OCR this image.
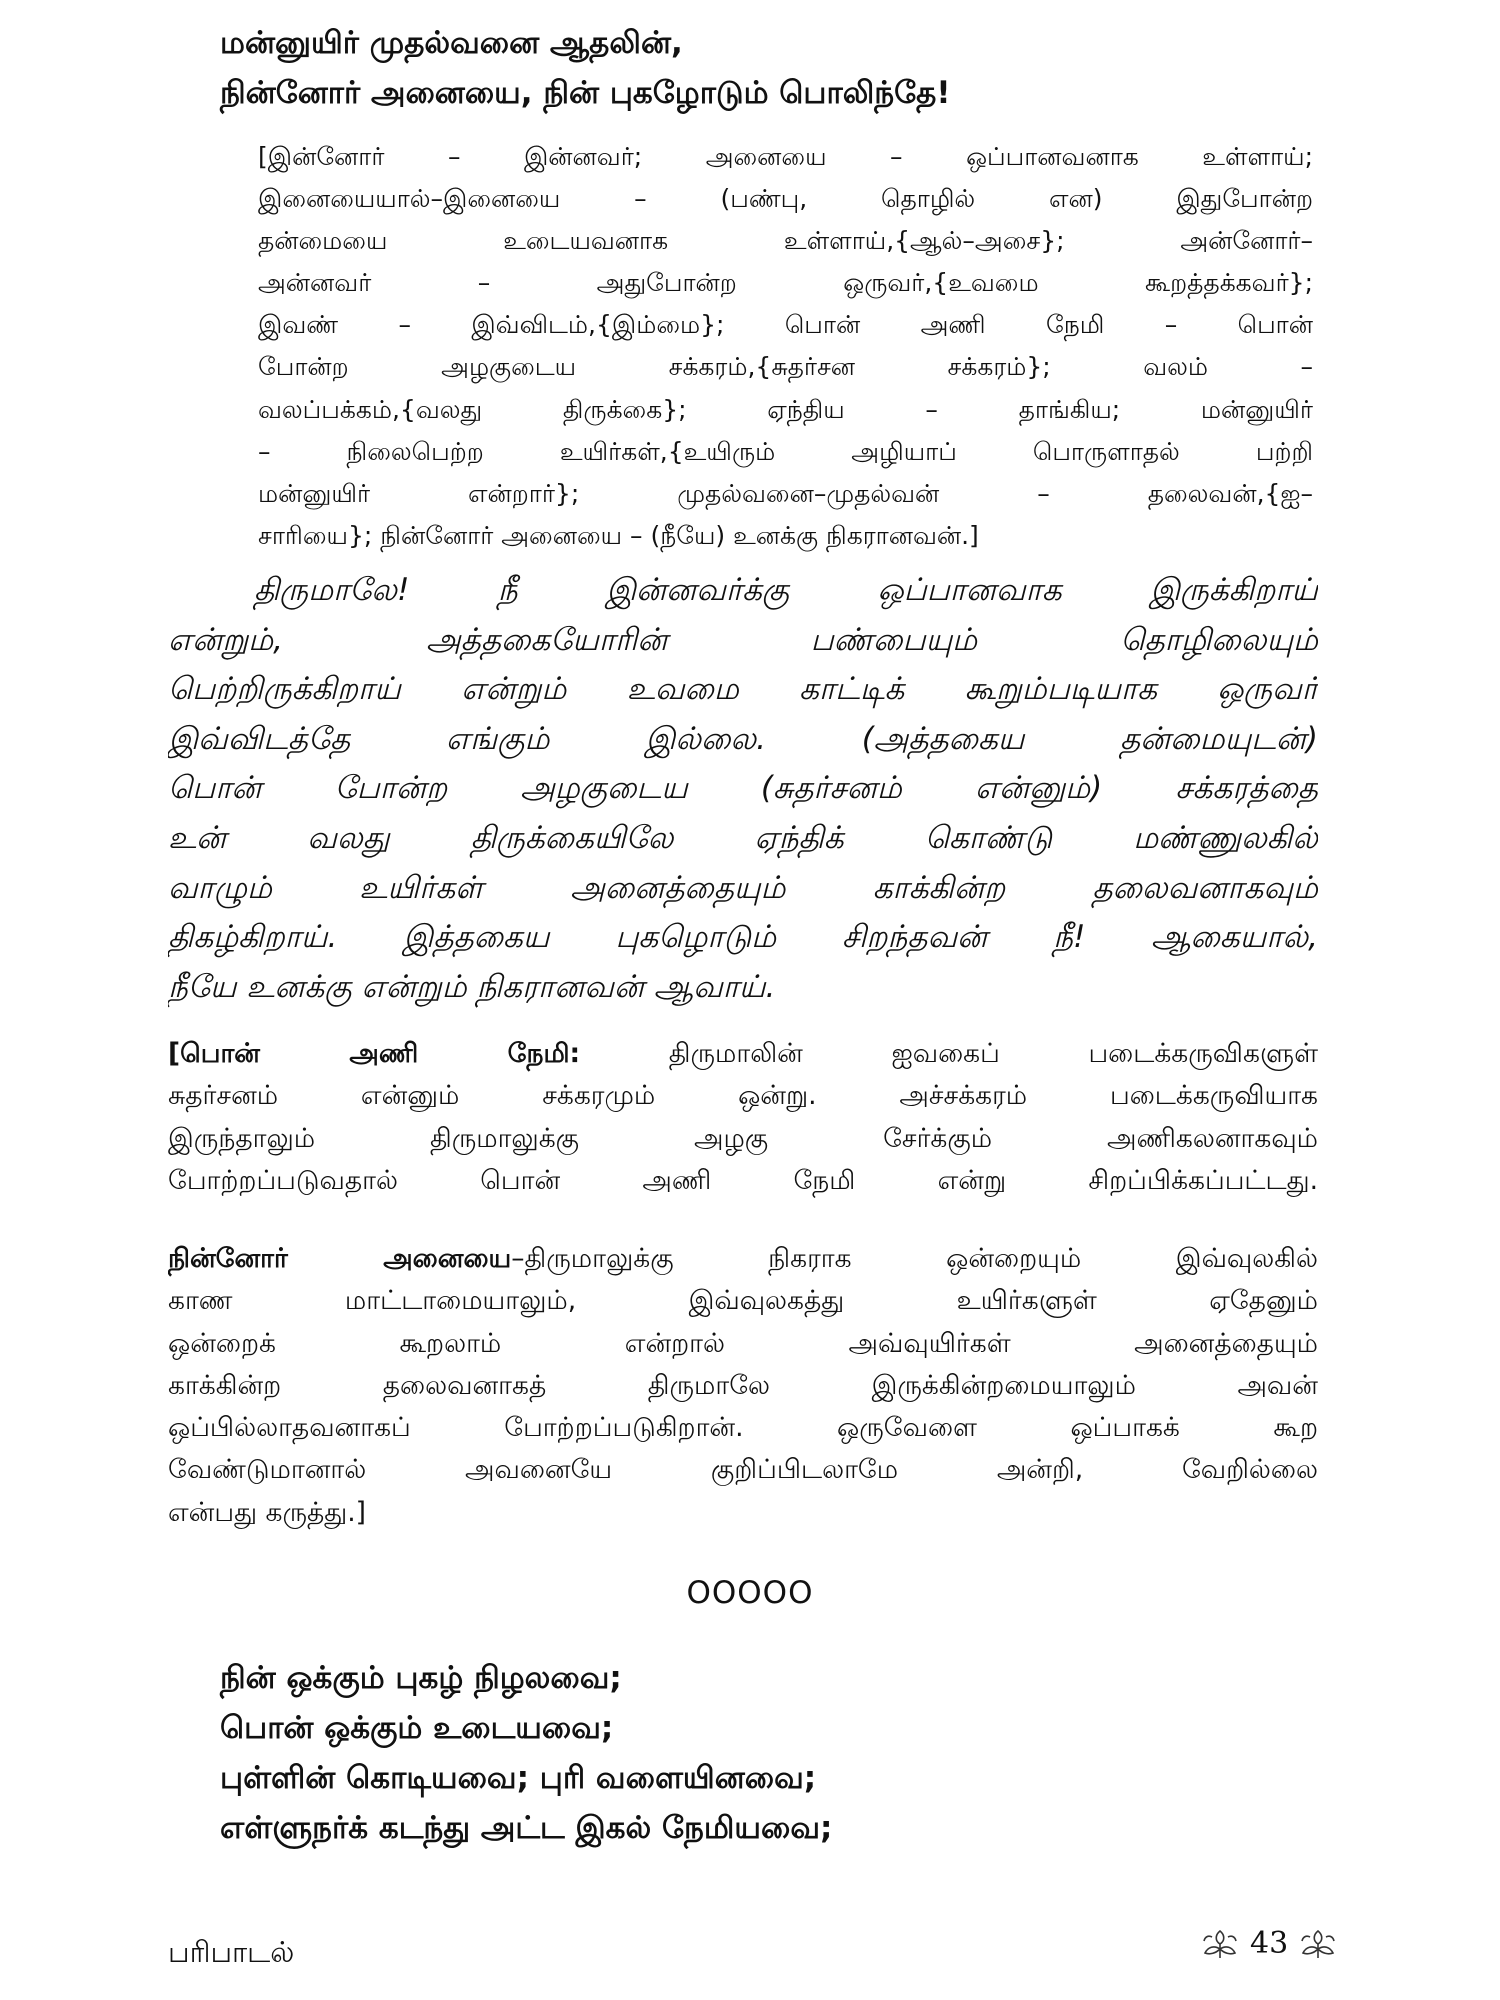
மன்னுயிர் முதல்வனை ஆதலின்,
நின்னோர் அனையை, நின் புகழோடும் பொலிந்தே!
[இன்னோர் – இன்னவர்; அனையை – ஒப்பானவனாக உள்ளாய்;
இனையையால்–இனையை – (பண்பு, தொழில் என) இதுபோன்ற
தன்மையை உடையவனாக உள்ளாய்,{ஆல்–அசை}; அன்னோர்–
அன்னவர் – அதுபோன்ற ஒருவர்,{உவமை கூறத்தக்கவர்};
இவண் – இவ்விடம்,{இம்மை}; பொன் அணி நேமி – பொன்
போன்ற அழகுடைய சக்கரம்,{சுதர்சன சக்கரம்}; வலம் –
வலப்பக்கம்,{வலது திருக்கை}; ஏந்திய – தாங்கிய; மன்னுயிர்
– நிலைபெற்ற உயிர்கள்,{உயிரும் அழியாப் பொருளாதல் பற்றி
மன்னுயிர் என்றார்}; முதல்வனை–முதல்வன் – தலைவன்,{ஐ–
சாரியை}; நின்னோர் அனையை – (நீயே) உனக்கு நிகரானவன்.]
திருமாலே! நீ இன்னவர்க்கு ஒப்பானவாக இருக்கிறாய்
என்றும், அத்தகையோரின் பண்பையும் தொழிலையும்
பெற்றிருக்கிறாய் என்றும் உவமை காட்டிக் கூறும்படியாக ஒருவர்
இவ்விடத்தே எங்கும் இல்லை. (அத்தகைய தன்மையுடன்)
பொன் போன்ற அழகுடைய (சுதர்சனம் என்னும்) சக்கரத்தை
உன் வலது திருக்கையிலே ஏந்திக் கொண்டு மண்ணுலகில்
வாழும் உயிர்கள் அனைத்தையும் காக்கின்ற தலைவனாகவும்
திகழ்கிறாய். இத்தகைய புகழொடும் சிறந்தவன் நீ! ஆகையால்,
நீயே உனக்கு என்றும் நிகரானவன் ஆவாய்.
[பொன் அணி நேமி: திருமாலின் ஐவகைப் படைக்கருவிகளுள்
சுதர்சனம் என்னும் சக்கரமும் ஒன்று. அச்சக்கரம் படைக்கருவியாக
இருந்தாலும் திருமாலுக்கு அழகு சேர்க்கும் அணிகலனாகவும்
போற்றப்படுவதால் பொன் அணி நேமி என்று சிறப்பிக்கப்பட்டது.
நின்னோர் அனையை–திருமாலுக்கு நிகராக ஒன்றையும் இவ்வுலகில்
காண மாட்டாமையாலும், இவ்வுலகத்து உயிர்களுள் ஏதேனும்
ஒன்றைக் கூறலாம் என்றால் அவ்வுயிர்கள் அனைத்தையும்
காக்கின்ற தலைவனாகத் திருமாலே இருக்கின்றமையாலும் அவன்
ஒப்பில்லாதவனாகப் போற்றப்படுகிறான். ஒருவேளை ஒப்பாகக் கூற
வேண்டுமானால் அவனையே குறிப்பிடலாமே அன்றி, வேறில்லை
என்பது கருத்து.]
OOOOO
நின் ஒக்கும் புகழ் நிழலவை;
பொன் ஒக்கும் உடையவை;
புள்ளின் கொடியவை; புரி வளையினவை;
எள்ளுநர்க் கடந்து அட்ட இகல் நேமியவை;
பரிபாடல்	43
